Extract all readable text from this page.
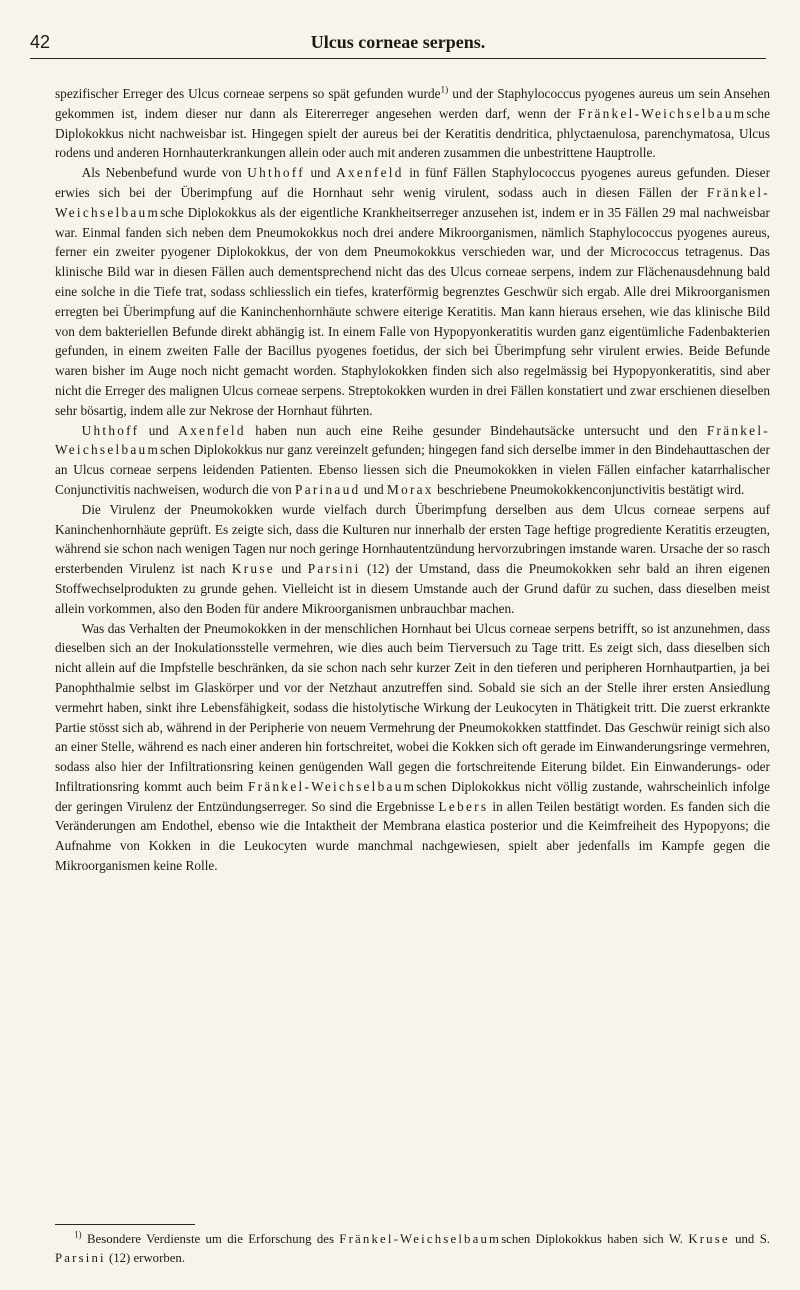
42	Ulcus corneae serpens.

spezifischer Erreger des Ulcus corneae serpens so spät gefunden wurde$^{1)}$ und der Staphylococcus pyogenes aureus um sein Ansehen gekommen ist, indem dieser nur dann als Eitererreger angesehen werden darf, wenn der Fränkel-Weichselbaumsche Diplokokkus nicht nachweisbar ist. Hingegen spielt der aureus bei der Keratitis dendritica, phlyctaenulosa, parenchymatosa, Ulcus rodens und anderen Hornhauterkrankungen allein oder auch mit anderen zusammen die unbestrittene Hauptrolle.

Als Nebenbefund wurde von Uhthoff und Axenfeld in fünf Fällen Staphylococcus pyogenes aureus gefunden. Dieser erwies sich bei der Überimpfung auf die Hornhaut sehr wenig virulent, sodass auch in diesen Fällen der Fränkel-Weichselbaumsche Diplokokkus als der eigentliche Krankheitserreger anzusehen ist, indem er in 35 Fällen 29 mal nachweisbar war. Einmal fanden sich neben dem Pneumokokkus noch drei andere Mikroorganismen, nämlich Staphylococcus pyogenes aureus, ferner ein zweiter pyogener Diplokokkus, der von dem Pneumokokkus verschieden war, und der Micrococcus tetragenus. Das klinische Bild war in diesen Fällen auch dementsprechend nicht das des Ulcus corneae serpens, indem zur Flächenausdehnung bald eine solche in die Tiefe trat, sodass schliesslich ein tiefes, kraterförmig begrenztes Geschwür sich ergab. Alle drei Mikroorganismen erregten bei Überimpfung auf die Kaninchenhornhäute schwere eiterige Keratitis. Man kann hieraus ersehen, wie das klinische Bild von dem bakteriellen Befunde direkt abhängig ist. In einem Falle von Hypopyonkeratitis wurden ganz eigentümliche Fadenbakterien gefunden, in einem zweiten Falle der Bacillus pyogenes foetidus, der sich bei Überimpfung sehr virulent erwies. Beide Befunde waren bisher im Auge noch nicht gemacht worden. Staphylokokken finden sich also regelmässig bei Hypopyonkeratitis, sind aber nicht die Erreger des malignen Ulcus corneae serpens. Streptokokken wurden in drei Fällen konstatiert und zwar erschienen dieselben sehr bösartig, indem alle zur Nekrose der Hornhaut führten.

Uhthoff und Axenfeld haben nun auch eine Reihe gesunder Bindehautsäcke untersucht und den Fränkel-Weichselbaumschen Diplokokkus nur ganz vereinzelt gefunden; hingegen fand sich derselbe immer in den Bindehauttaschen der an Ulcus corneae serpens leidenden Patienten. Ebenso liessen sich die Pneumokokken in vielen Fällen einfacher katarrhalischer Conjunctivitis nachweisen, wodurch die von Parinaud und Morax beschriebene Pneumokokkenconjunctivitis bestätigt wird.

Die Virulenz der Pneumokokken wurde vielfach durch Überimpfung derselben aus dem Ulcus corneae serpens auf Kaninchenhornhäute geprüft. Es zeigte sich, dass die Kulturen nur innerhalb der ersten Tage heftige progrediente Keratitis erzeugten, während sie schon nach wenigen Tagen nur noch geringe Hornhautentzündung hervorzubringen imstande waren. Ursache der so rasch ersterbenden Virulenz ist nach Kruse und Parsini (12) der Umstand, dass die Pneumokokken sehr bald an ihren eigenen Stoffwechselprodukten zu grunde gehen. Vielleicht ist in diesem Umstande auch der Grund dafür zu suchen, dass dieselben meist allein vorkommen, also den Boden für andere Mikroorganismen unbrauchbar machen.

Was das Verhalten der Pneumokokken in der menschlichen Hornhaut bei Ulcus corneae serpens betrifft, so ist anzunehmen, dass dieselben sich an der Inokulationsstelle vermehren, wie dies auch beim Tierversuch zu Tage tritt. Es zeigt sich, dass dieselben sich nicht allein auf die Impfstelle beschränken, da sie schon nach sehr kurzer Zeit in den tieferen und peripheren Hornhautpartien, ja bei Panophthalmie selbst im Glaskörper und vor der Netzhaut anzutreffen sind. Sobald sie sich an der Stelle ihrer ersten Ansiedlung vermehrt haben, sinkt ihre Lebensfähigkeit, sodass die histolytische Wirkung der Leukocyten in Thätigkeit tritt. Die zuerst erkrankte Partie stösst sich ab, während in der Peripherie von neuem Vermehrung der Pneumokokken stattfindet. Das Geschwür reinigt sich also an einer Stelle, während es nach einer anderen hin fortschreitet, wobei die Kokken sich oft gerade im Einwanderungsringe vermehren, sodass also hier der Infiltrationsring keinen genügenden Wall gegen die fortschreitende Eiterung bildet. Ein Einwanderungs- oder Infiltrationsring kommt auch beim Fränkel-Weichselbaumschen Diplokokkus nicht völlig zustande, wahrscheinlich infolge der geringen Virulenz der Entzündungserreger. So sind die Ergebnisse Lebers in allen Teilen bestätigt worden. Es fanden sich die Veränderungen am Endothel, ebenso wie die Intaktheit der Membrana elastica posterior und die Keimfreiheit des Hypopyons; die Aufnahme von Kokken in die Leukocyten wurde manchmal nachgewiesen, spielt aber jedenfalls im Kampfe gegen die Mikroorganismen keine Rolle.

$^{1)}$ Besondere Verdienste um die Erforschung des Fränkel-Weichselbaumschen Diplokokkus haben sich W. Kruse und S. Parsini (12) erworben.
